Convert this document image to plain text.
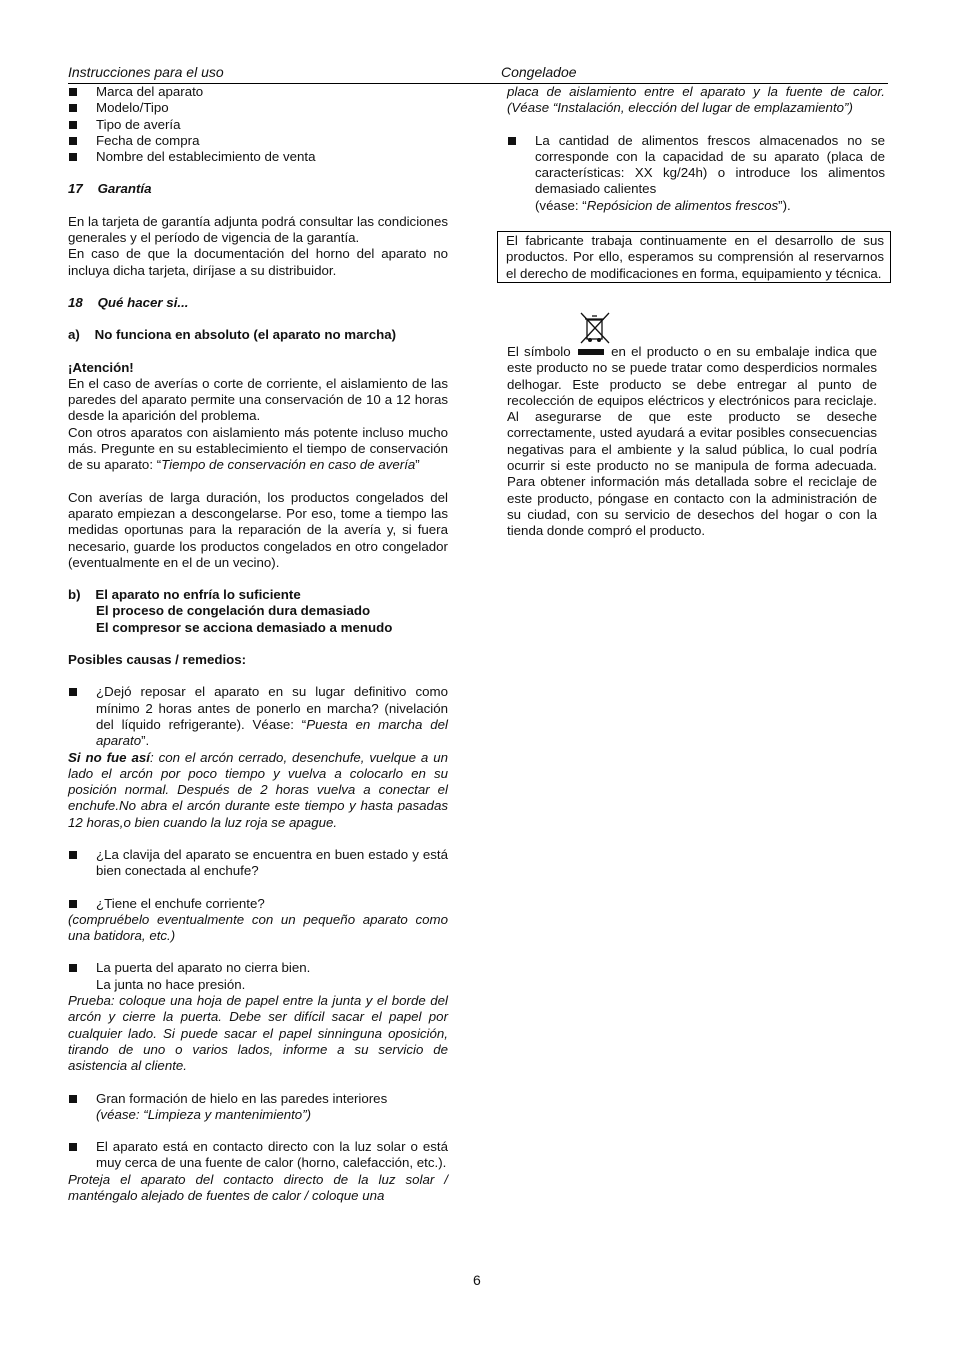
Instrucciones para el uso	Congeladoe

Marca del aparato

Modelo/Tipo

Tipo de avería

Fecha de compra

Nombre del establecimiento de venta

17    Garantía

En la tarjeta de garantía adjunta podrá consultar las condiciones generales y el período de vigencia de la garantía.

En caso de que la documentación del horno del aparato no incluya dicha tarjeta, diríjase a su distribuidor.

18    Qué hacer si...

a)    No funciona en absoluto (el aparato no marcha)

¡Atención!

En el caso de averías o corte de corriente, el aislamiento de las paredes del aparato permite una conservación de 10 a 12 horas desde la aparición del problema.

Con otros aparatos con aislamiento más potente incluso mucho más. Pregunte en su establecimiento el tiempo de conservación de su aparato: “Tiempo de conservación en caso de avería”

Con averías de larga duración, los productos congelados del aparato empiezan a descongelarse. Por eso, tome a tiempo las medidas oportunas para la reparación de la avería y, si fuera necesario, guarde los productos congelados en otro congelador (eventualmente en el de un vecino).

b)    El aparato no enfría lo suficiente

El proceso de congelación dura demasiado

El compresor se acciona demasiado a menudo

Posibles causas / remedios:

¿Dejó reposar el aparato en su lugar definitivo como mínimo 2 horas antes de ponerlo en marcha? (nivelación del líquido refrigerante). Véase: “Puesta en marcha del aparato”.

Si no fue así: con el arcón cerrado, desenchufe, vuelque a un lado el arcón por poco tiempo y vuelva a colocarlo en su posición normal. Después de 2 horas vuelva a conectar el enchufe.No abra el arcón durante este tiempo y hasta pasadas 12 horas,o bien cuando la luz roja se apague.

¿La clavija del aparato se encuentra en buen estado y está bien conectada al enchufe?

¿Tiene el enchufe corriente?

(compruébelo eventualmente con un pequeño aparato como una batidora, etc.)

La puerta del aparato no cierra bien.

La junta no hace presión.

Prueba: coloque una hoja de papel entre la junta y el borde del arcón y cierre la puerta. Debe ser difícil sacar el papel por cualquier lado. Si puede sacar el papel sinninguna oposición, tirando de uno o varios lados, informe a su servicio de asistencia al cliente.

Gran formación de hielo en las paredes interiores

(véase: “Limpieza y mantenimiento”)

El aparato está en contacto directo con la luz solar o está muy cerca de una fuente de calor (horno, calefacción, etc.).

Proteja el aparato del contacto directo de la luz solar / manténgalo alejado de fuentes de calor / coloque una

placa de aislamiento entre el aparato y la fuente de calor. (Véase “Instalación, elección del lugar de emplazamiento”)

La cantidad de alimentos frescos almacenados no se corresponde con la capacidad de su aparato (placa de características: XX kg/24h) o introduce los alimentos demasiado calientes

(véase: “Repósicion de alimentos frescos”).

El fabricante trabaja continuamente en el desarrollo de sus productos. Por ello, esperamos su comprensión al reservarnos el derecho de modificaciones en forma, equipamiento y técnica.
El símbolo	en el producto o en su embalaje indica que este producto no se puede tratar como desperdicios normales delhogar. Este producto se debe entregar al punto de recolección de equipos eléctricos y electrónicos para reciclaje. Al asegurarse de que este producto se deseche correctamente, usted ayudará a evitar posibles consecuencias negativas para el ambiente y la salud pública, lo cual podría ocurrir si este producto no se manipula de forma adecuada. Para obtener información más detallada sobre el reciclaje de este producto, póngase en contacto con la administración de su ciudad, con su servicio de desechos del hogar o con la tienda donde compró el producto.
6
